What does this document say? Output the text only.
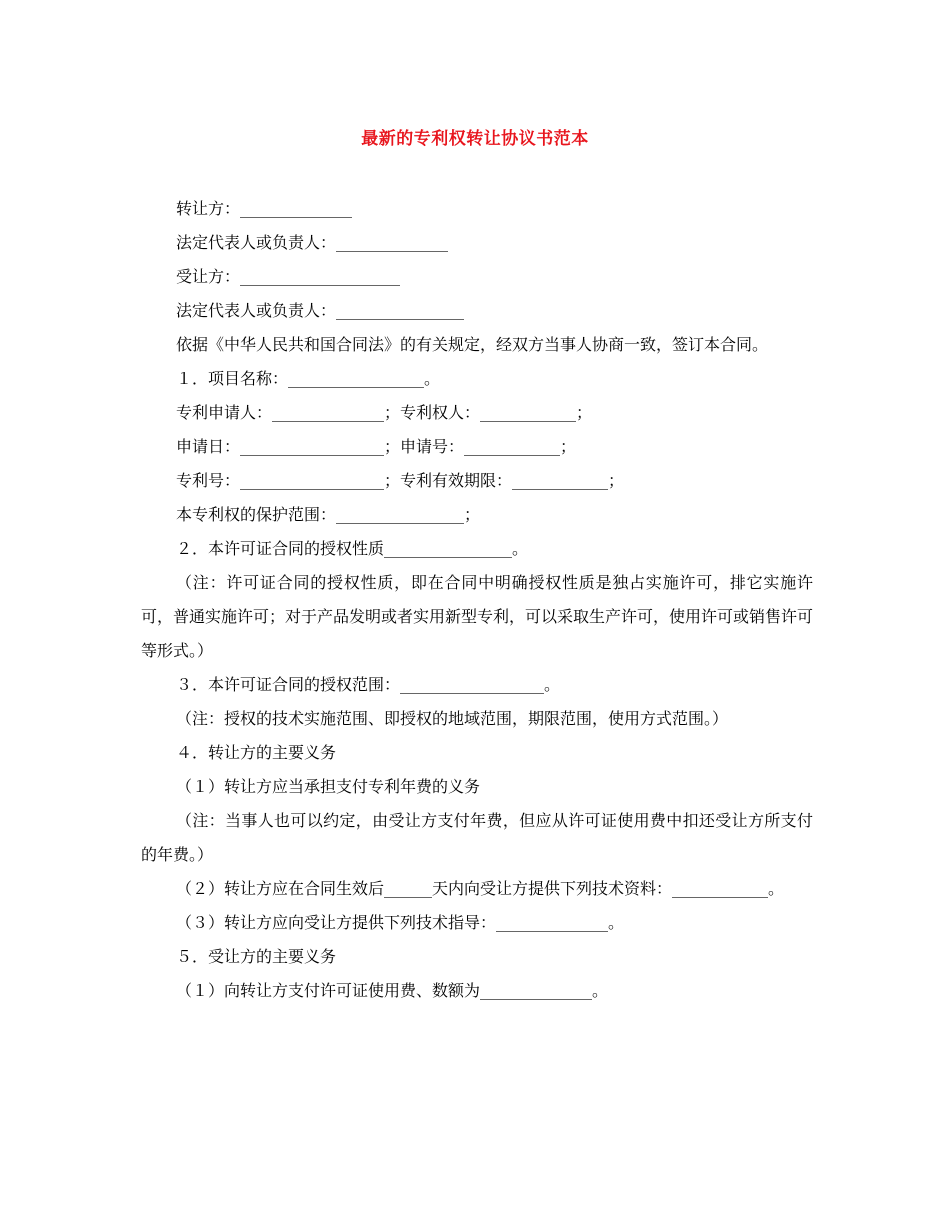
最新的专利权转让协议书范本

转让方：______________

法定代表人或负责人：______________

受让方：____________________

法定代表人或负责人：________________

依据《中华人民共和国合同法》的有关规定，经双方当事人协商一致，签订本合同。

１．项目名称：_________________。

专利申请人：______________；专利权人：____________；

申请日：__________________；申请号：____________；

专利号：__________________；专利有效期限：____________；

本专利权的保护范围：________________；

２．本许可证合同的授权性质________________。

（注：许可证合同的授权性质，即在合同中明确授权性质是独占实施许可，排它实施许可，普通实施许可；对于产品发明或者实用新型专利，可以采取生产许可，使用许可或销售许可等形式。）

３．本许可证合同的授权范围：__________________。

（注：授权的技术实施范围、即授权的地域范围，期限范围，使用方式范围。）

４．转让方的主要义务

（１）转让方应当承担支付专利年费的义务

（注：当事人也可以约定，由受让方支付年费，但应从许可证使用费中扣还受让方所支付的年费。）

（２）转让方应在合同生效后______天内向受让方提供下列技术资料：____________。

（３）转让方应向受让方提供下列技术指导：______________。

５．受让方的主要义务

（１）向转让方支付许可证使用费、数额为______________。
